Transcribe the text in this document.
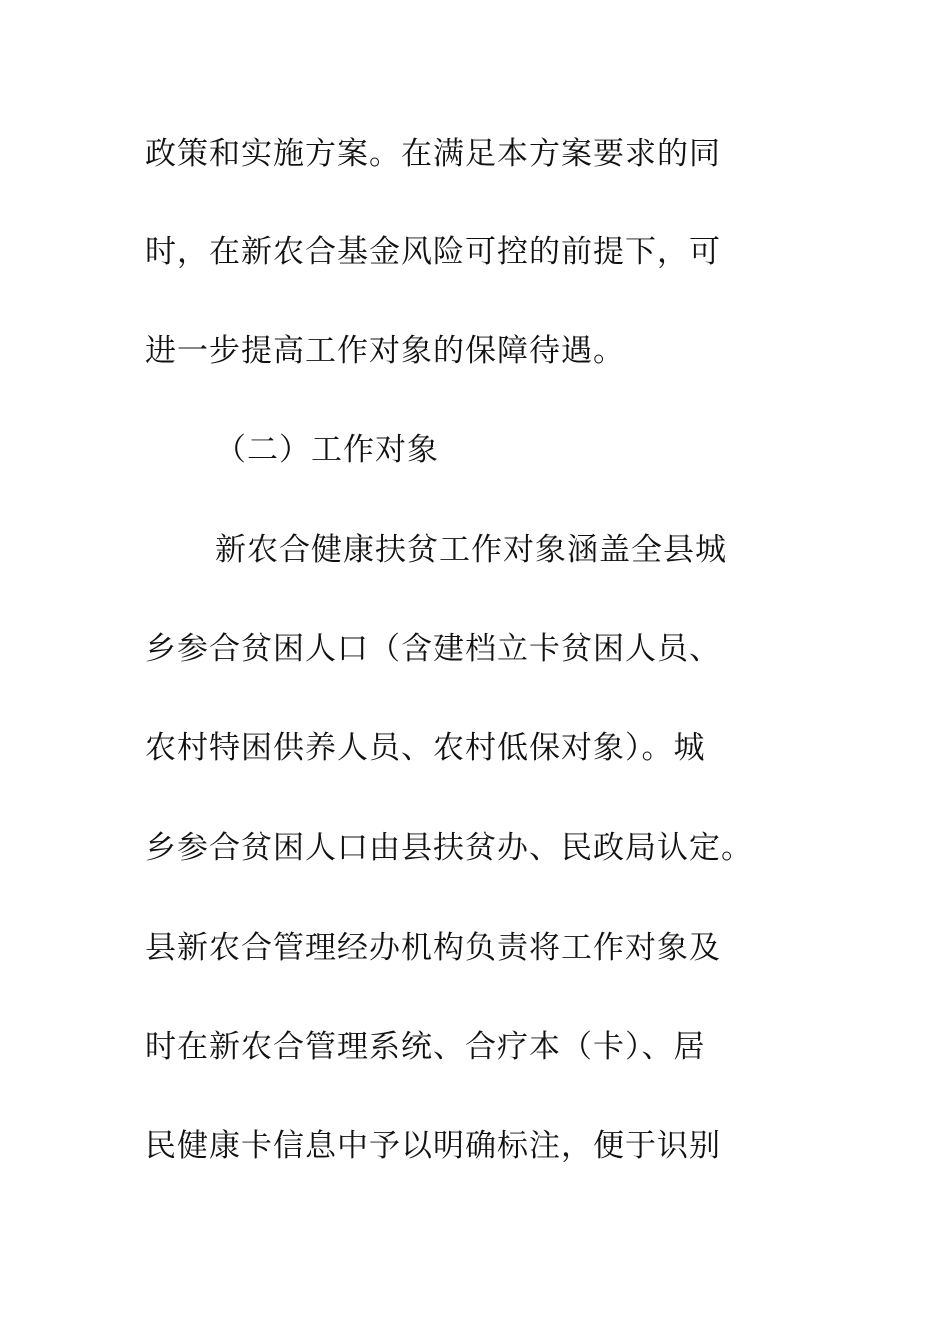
政策和实施方案。在满足本方案要求的同
时，在新农合基金风险可控的前提下，可
进一步提高工作对象的保障待遇。
（二）工作对象
新农合健康扶贫工作对象涵盖全县城
乡参合贫困人口（含建档立卡贫困人员、
农村特困供养人员、农村低保对象）。城
乡参合贫困人口由县扶贫办、民政局认定。
县新农合管理经办机构负责将工作对象及
时在新农合管理系统、合疗本（卡）、居
民健康卡信息中予以明确标注，便于识别
